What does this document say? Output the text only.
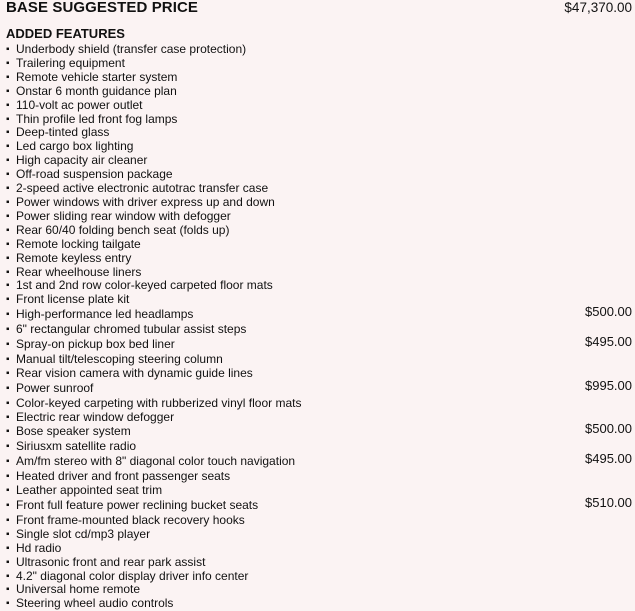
BASE SUGGESTED PRICE	$47,370.00
ADDED FEATURES
▪ Underbody shield (transfer case protection)
▪ Trailering equipment
▪ Remote vehicle starter system
▪ Onstar 6 month guidance plan
▪ 110-volt ac power outlet
▪ Thin profile led front fog lamps
▪ Deep-tinted glass
▪ Led cargo box lighting
▪ High capacity air cleaner
▪ Off-road suspension package
▪ 2-speed active electronic autotrac transfer case
▪ Power windows with driver express up and down
▪ Power sliding rear window with defogger
▪ Rear 60/40 folding bench seat (folds up)
▪ Remote locking tailgate
▪ Remote keyless entry
▪ Rear wheelhouse liners
▪ 1st and 2nd row color-keyed carpeted floor mats
▪ Front license plate kit
▪ High-performance led headlamps	$500.00
▪ 6" rectangular chromed tubular assist steps
▪ Spray-on pickup box bed liner	$495.00
▪ Manual tilt/telescoping steering column
▪ Rear vision camera with dynamic guide lines
▪ Power sunroof	$995.00
▪ Color-keyed carpeting with rubberized vinyl floor mats
▪ Electric rear window defogger
▪ Bose speaker system	$500.00
▪ Siriusxm satellite radio
▪ Am/fm stereo with 8" diagonal color touch navigation	$495.00
▪ Heated driver and front passenger seats
▪ Leather appointed seat trim
▪ Front full feature power reclining bucket seats	$510.00
▪ Front frame-mounted black recovery hooks
▪ Single slot cd/mp3 player
▪ Hd radio
▪ Ultrasonic front and rear park assist
▪ 4.2" diagonal color display driver info center
▪ Universal home remote
▪ Steering wheel audio controls
